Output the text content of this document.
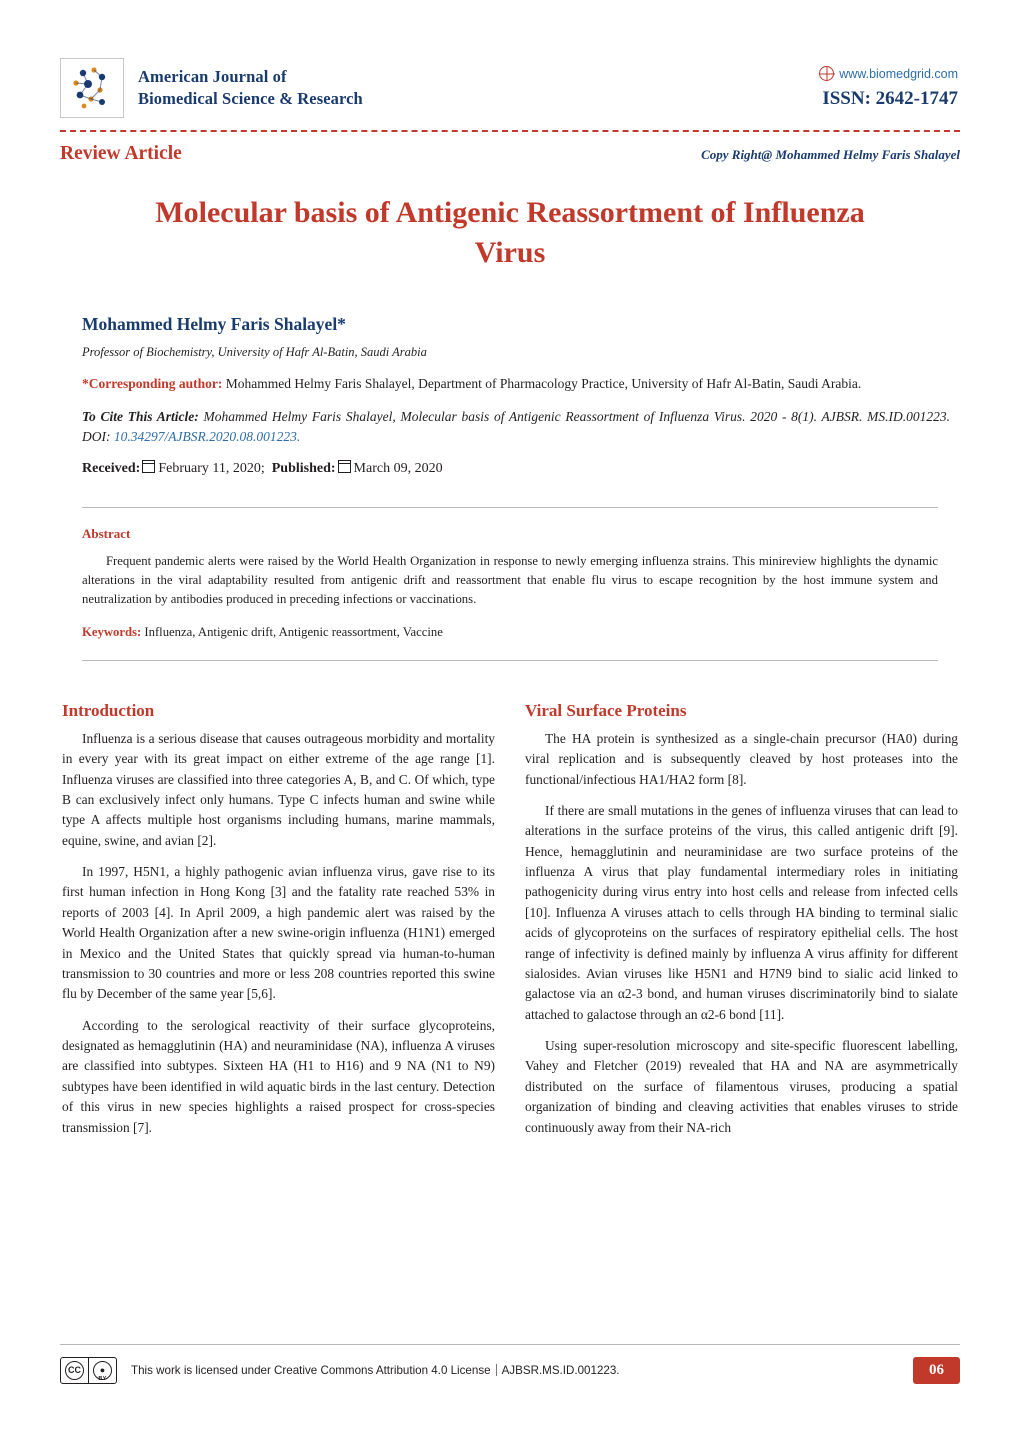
American Journal of
Biomedical Science & Research
www.biomedgrid.com
ISSN: 2642-1747
Review Article	Copy Right@ Mohammed Helmy Faris Shalayel
Molecular basis of Antigenic Reassortment of Influenza Virus
Mohammed Helmy Faris Shalayel*
Professor of Biochemistry, University of Hafr Al-Batin, Saudi Arabia
*Corresponding author: Mohammed Helmy Faris Shalayel, Department of Pharmacology Practice, University of Hafr Al-Batin, Saudi Arabia.
To Cite This Article: Mohammed Helmy Faris Shalayel, Molecular basis of Antigenic Reassortment of Influenza Virus. 2020 - 8(1). AJBSR. MS.ID.001223. DOI: 10.34297/AJBSR.2020.08.001223.
Received: February 11, 2020; Published: March 09, 2020
Abstract
Frequent pandemic alerts were raised by the World Health Organization in response to newly emerging influenza strains. This minireview highlights the dynamic alterations in the viral adaptability resulted from antigenic drift and reassortment that enable flu virus to escape recognition by the host immune system and neutralization by antibodies produced in preceding infections or vaccinations.
Keywords: Influenza, Antigenic drift, Antigenic reassortment, Vaccine
Introduction

Influenza is a serious disease that causes outrageous morbidity and mortality in every year with its great impact on either extreme of the age range [1]. Influenza viruses are classified into three categories A, B, and C. Of which, type B can exclusively infect only humans. Type C infects human and swine while type A affects multiple host organisms including humans, marine mammals, equine, swine, and avian [2].

In 1997, H5N1, a highly pathogenic avian influenza virus, gave rise to its first human infection in Hong Kong [3] and the fatality rate reached 53% in reports of 2003 [4]. In April 2009, a high pandemic alert was raised by the World Health Organization after a new swine-origin influenza (H1N1) emerged in Mexico and the United States that quickly spread via human-to-human transmission to 30 countries and more or less 208 countries reported this swine flu by December of the same year [5,6].

According to the serological reactivity of their surface glycoproteins, designated as hemagglutinin (HA) and neuraminidase (NA), influenza A viruses are classified into subtypes. Sixteen HA (H1 to H16) and 9 NA (N1 to N9) subtypes have been identified in wild aquatic birds in the last century. Detection of this virus in new species highlights a raised prospect for cross-species transmission [7].

Viral Surface Proteins

The HA protein is synthesized as a single-chain precursor (HA0) during viral replication and is subsequently cleaved by host proteases into the functional/infectious HA1/HA2 form [8].

If there are small mutations in the genes of influenza viruses that can lead to alterations in the surface proteins of the virus, this called antigenic drift [9]. Hence, hemagglutinin and neuraminidase are two surface proteins of the influenza A virus that play fundamental intermediary roles in initiating pathogenicity during virus entry into host cells and release from infected cells [10]. Influenza A viruses attach to cells through HA binding to terminal sialic acids of glycoproteins on the surfaces of respiratory epithelial cells. The host range of infectivity is defined mainly by influenza A virus affinity for different sialosides. Avian viruses like H5N1 and H7N9 bind to sialic acid linked to galactose via an α2-3 bond, and human viruses discriminatorily bind to sialate attached to galactose through an α2-6 bond [11].

Using super-resolution microscopy and site-specific fluorescent labelling, Vahey and Fletcher (2019) revealed that HA and NA are asymmetrically distributed on the surface of filamentous viruses, producing a spatial organization of binding and cleaving activities that enables viruses to stride continuously away from their NA-rich

CC	●
BY
This work is licensed under Creative Commons Attribution 4.0 License AJBSR.MS.ID.001223.	06
